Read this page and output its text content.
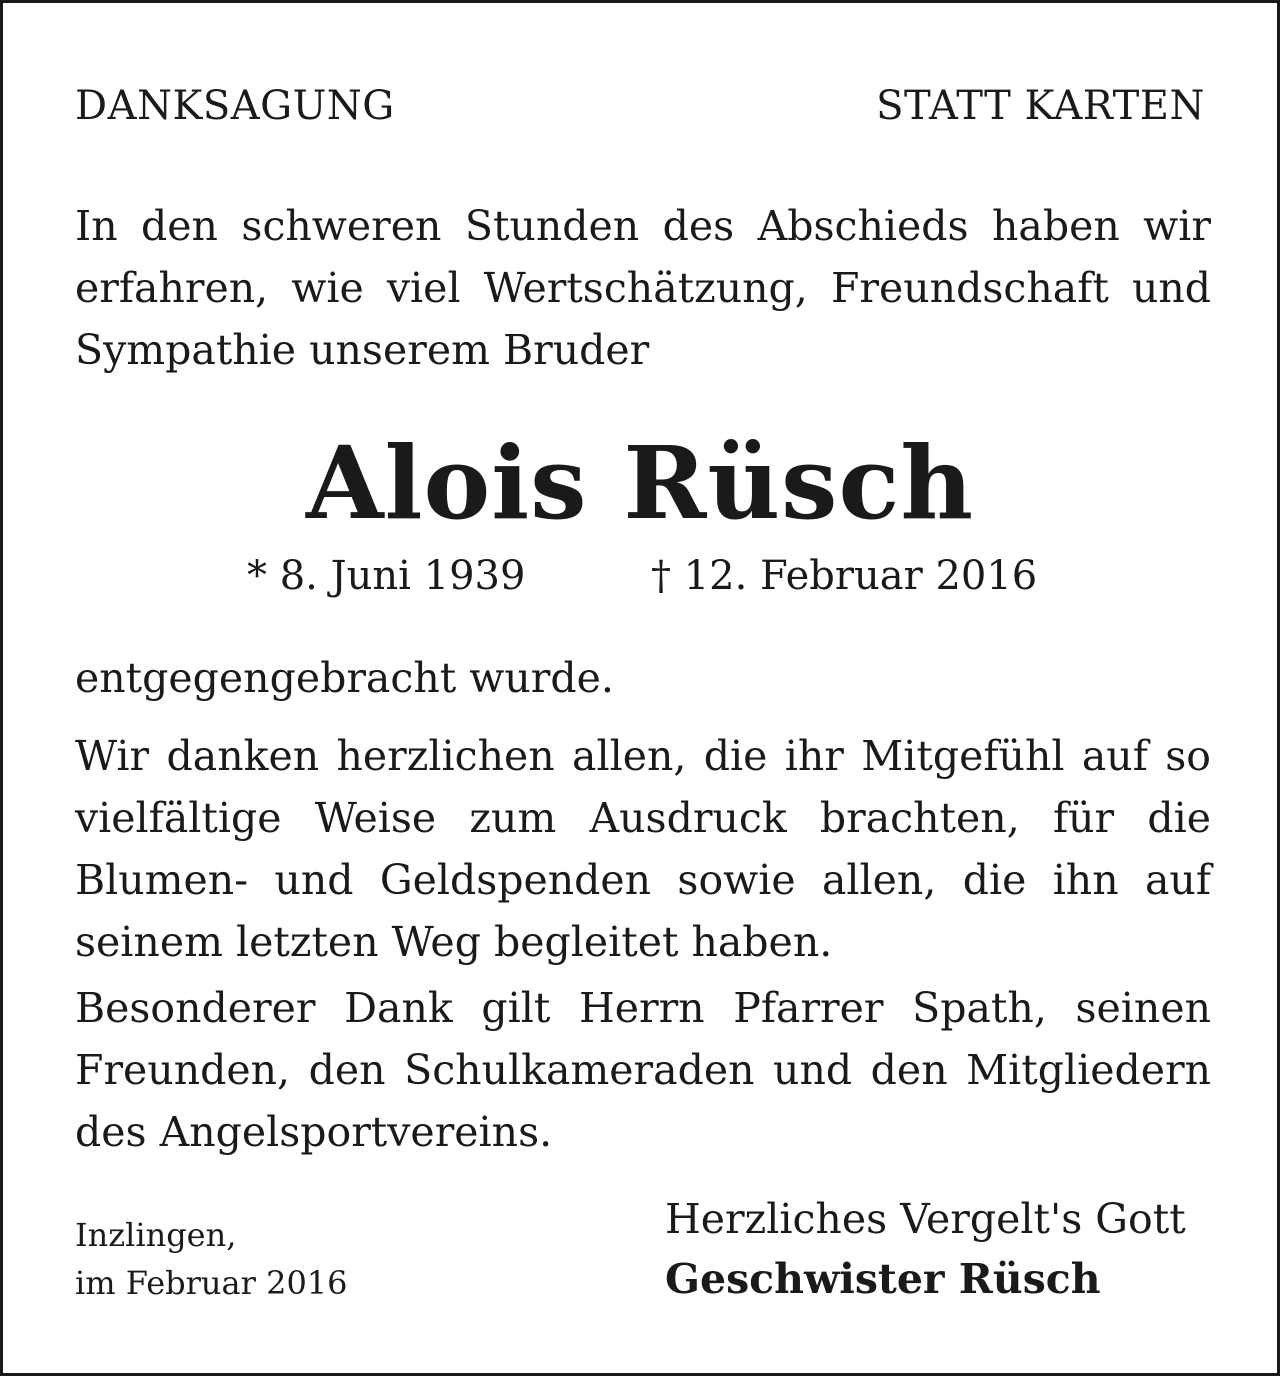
DANKSAGUNG	STATT KARTEN

In den schweren Stunden des Abschieds haben wir erfahren, wie viel Wertschätzung, Freundschaft und Sympathie unserem Bruder

Alois Rüsch
* 8. Juni 1939	† 12. Februar 2016

entgegengebracht wurde.

Wir danken herzlichen allen, die ihr Mitgefühl auf so vielfältige Weise zum Ausdruck brachten, für die Blumen- und Geldspenden sowie allen, die ihn auf seinem letzten Weg begleitet haben.

Besonderer Dank gilt Herrn Pfarrer Spath, seinen Freunden, den Schulkameraden und den Mitgliedern des Angelsportvereins.

Inzlingen,
im Februar 2016
Herzliches Vergelt's Gott
Geschwister Rüsch
